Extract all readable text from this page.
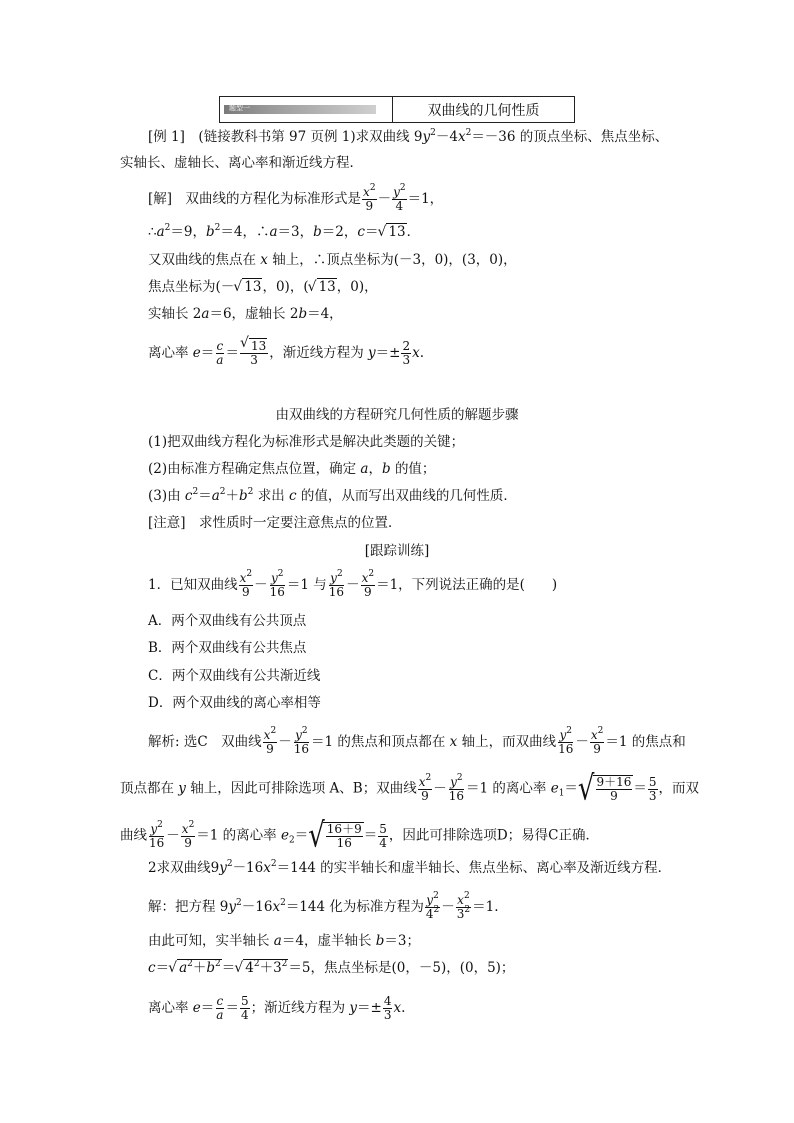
题型一	双曲线的几何性质
[例 1]　 (链接教科书第 97 页例 1)求双曲线 $9y^2-4x^2=-36$ 的顶点坐标、焦点坐标、
实轴长、虚轴长、离心率和渐近线方程．
[解]　 双曲线的方程化为标准形式是 $\frac{x^2}{9} - \frac{y^2}{4} =1$，
$\therefore a^2=9$，$b^2=4$，∴a＝3，b＝2，c＝√ 13．
又双曲线的焦点在 x 轴上，∴顶点坐标为(－3，0)，(3，0)，
焦点坐标为(－√ 13，0)，(√ 13，0)，
实轴长 2a＝6，虚轴长 2b＝4，
离心率 $e= \frac{c}{a}$ ＝
√ $\frac{13}{3}$ ，渐近线方程为 $y=\pm \frac{2}{3} x$.
由双曲线的方程研究几何性质的解题步骤
(1)把双曲线方程化为标准形式是解决此类题的关键；
(2)由标准方程确定焦点位置，确定 a，b 的值；
(3)由 $c^2=a^2+b^2$ 求出 c 的值，从而写出双曲线的几何性质．
[注意]　求性质时一定要注意焦点的位置．
[跟踪训练]
1．已知双曲线 $\frac{x^2}{9} - \frac{y^2}{16} =1$ 与 $\frac{y^2}{16} - \frac{x^2}{9} =1$，下列说法正确的是(　　)
A．两个双曲线有公共顶点
B．两个双曲线有公共焦点
C．两个双曲线有公共渐近线
D．两个双曲线的离心率相等
解析: 选C　双曲线 $\frac{x^2}{9} - \frac{y^2}{16} =1$ 的焦点和顶点都在 x 轴上，而双曲线 $\frac{y^2}{16} - \frac{x^2}{9} =1$ 的焦点和
顶点都在 y 轴上，因此可排除选项 A、B；双曲线 $\frac{x^2}{9} - \frac{y^2}{16} =1$ 的离心率 $e_1=$ √ $\frac{9+16}{9} = \frac{5}{3}$ ，而双
曲线 $\frac{y^2}{16} - \frac{x^2}{9} =1$ 的离心率 $e_2=$ √ $\frac{16+9}{16} = \frac{5}{4}$ ，因此可排除选项D；易得C正确．
2求双曲线$9y^2-16x^2=144$ 的实半轴长和虚半轴长、焦点坐标、离心率及渐近线方程．
解：把方程 $9y^2-16x^2=144$ 化为标准方程为 $\frac{y^2}{4^2} - \frac{x^2}{3^2} =1$.
由此可知，实半轴长 a＝4，虚半轴长 b＝3；
c＝√ $a^2+b^2=√$ $4^2+3^2=5$，焦点坐标是(0，－5)，(0，5)；
离心率 $e= \frac{c}{a} = \frac{5}{4}$ ；渐近线方程为 $y=\pm \frac{4}{3} x$.
